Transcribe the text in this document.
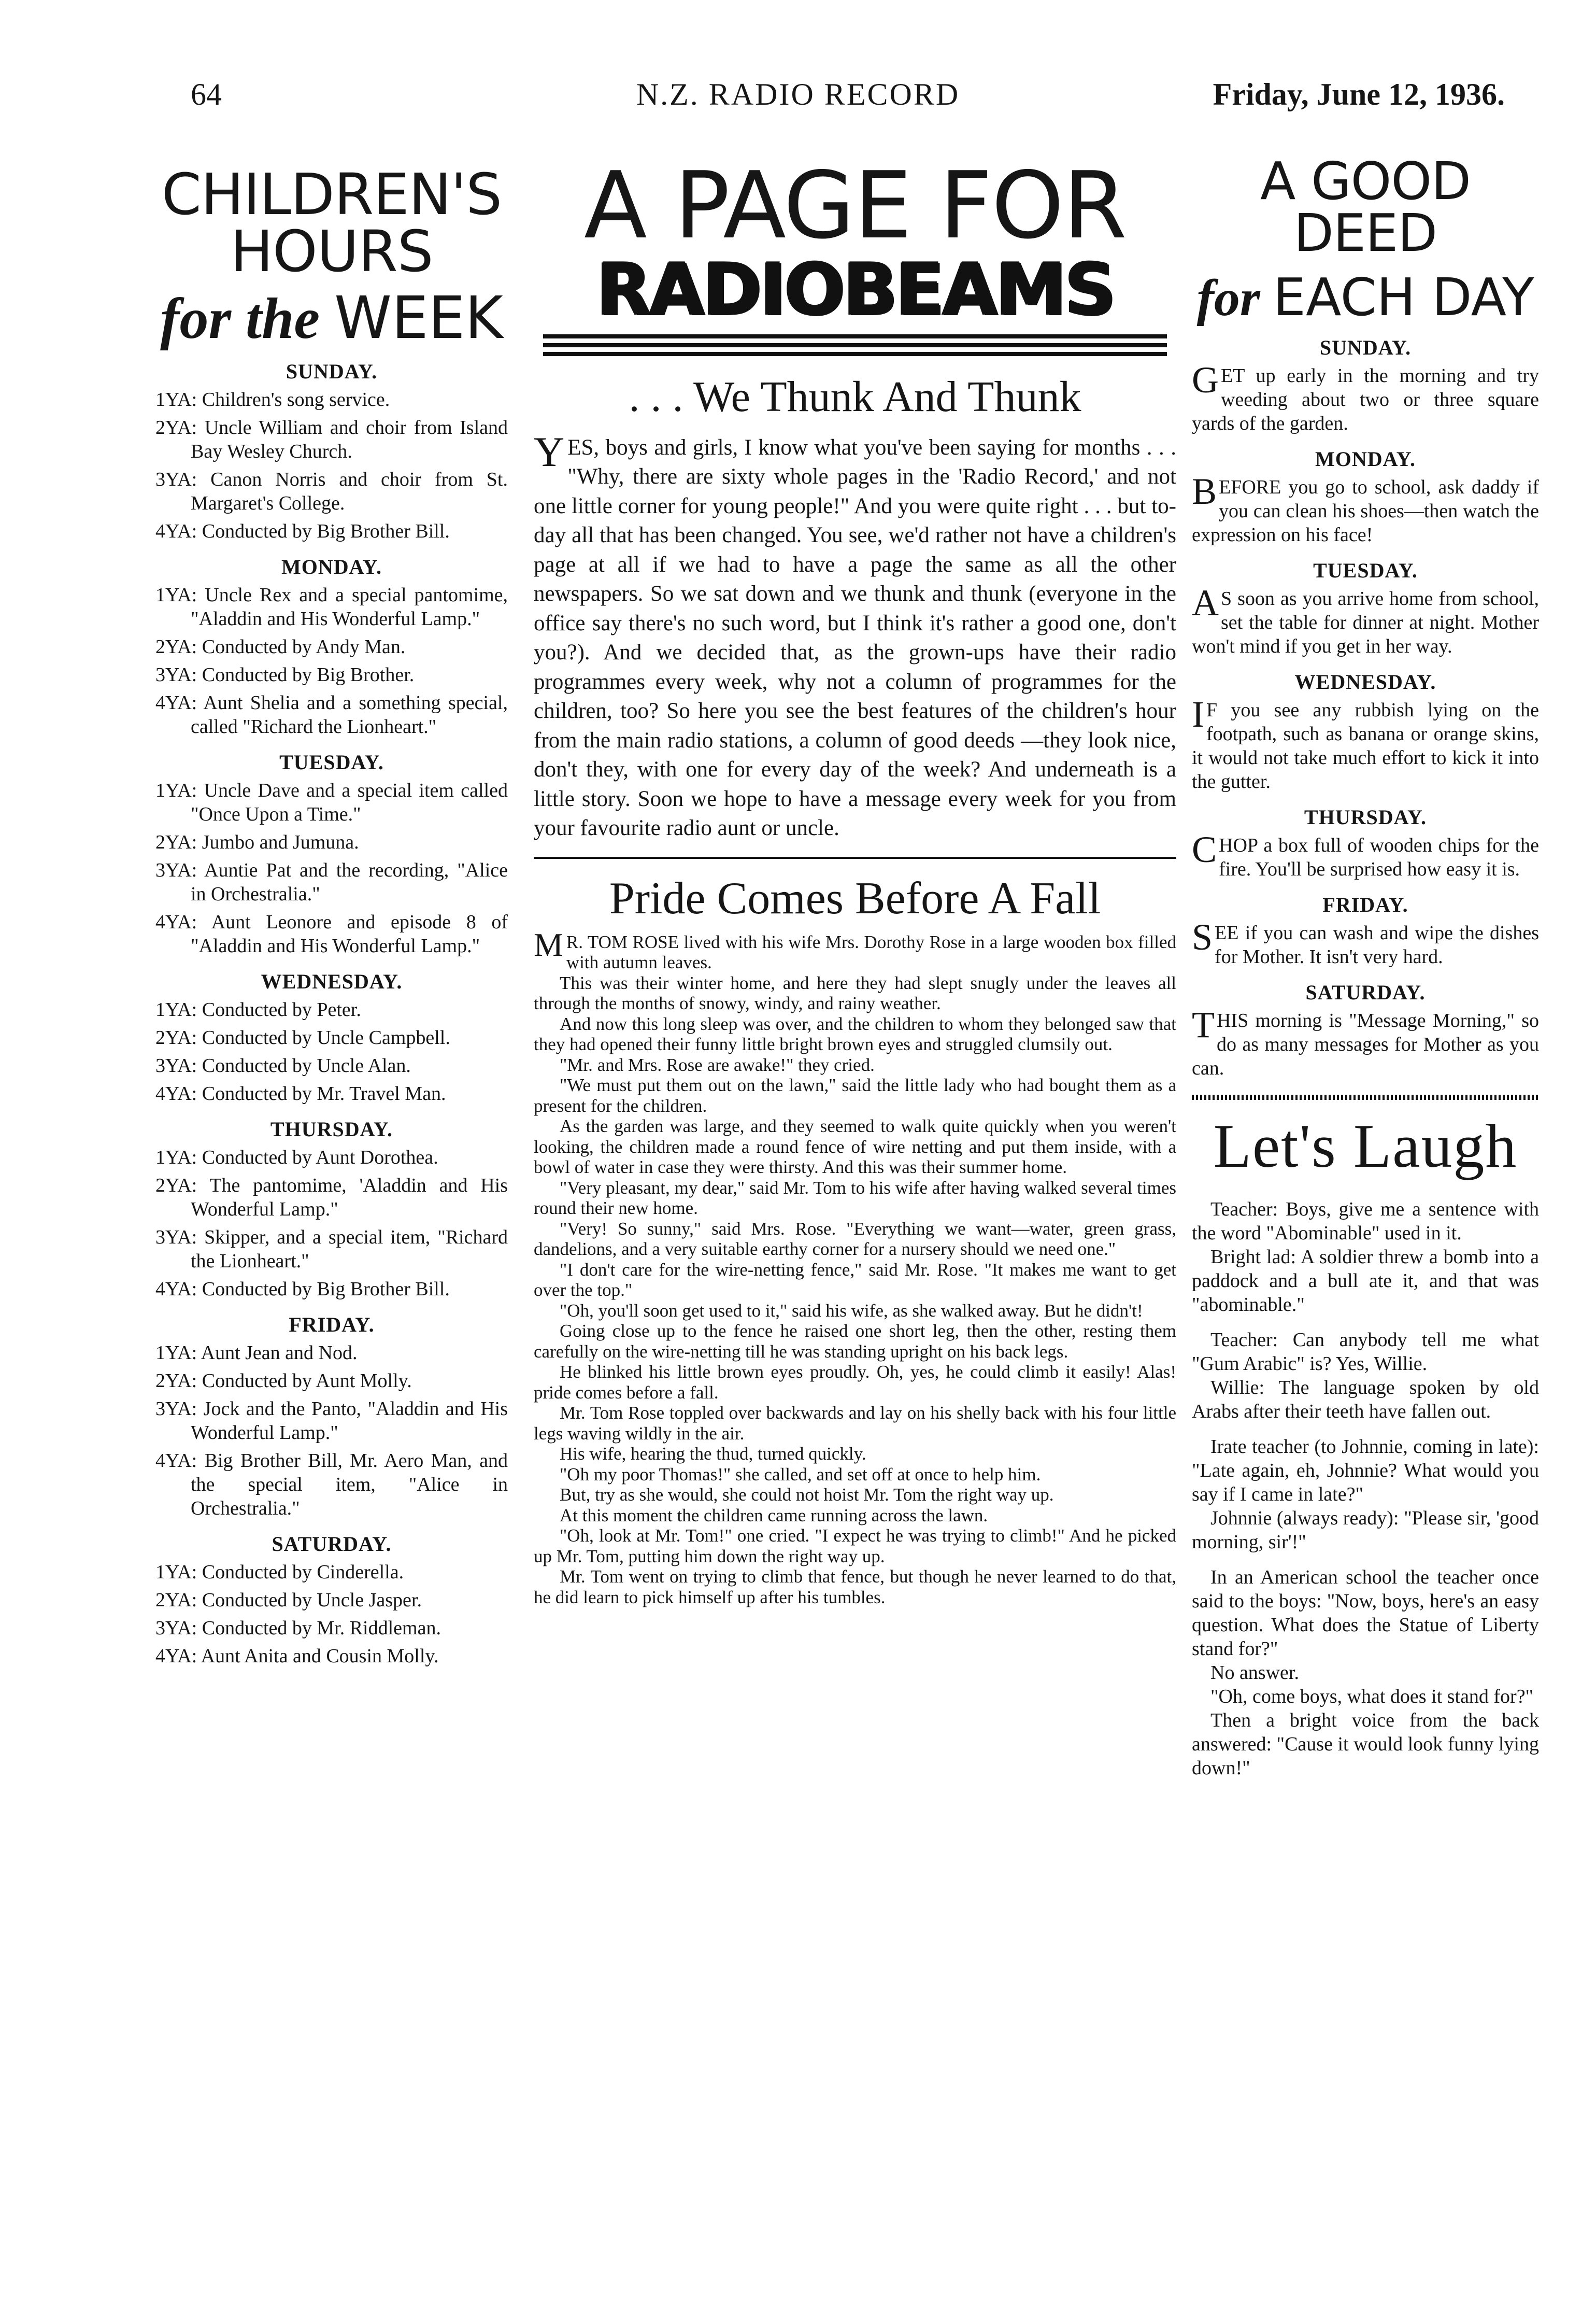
64	N.Z. RADIO RECORD	Friday, June 12, 1936.
CHILDREN'S HOURS
for the WEEK
SUNDAY.
1YA: Children's song service.
2YA: Uncle William and choir from Island Bay Wesley Church.
3YA: Canon Norris and choir from St. Margaret's College.
4YA: Conducted by Big Brother Bill.
MONDAY.
1YA: Uncle Rex and a special pantomime, "Aladdin and His Wonderful Lamp."
2YA: Conducted by Andy Man.
3YA: Conducted by Big Brother.
4YA: Aunt Shelia and a something special, called "Richard the Lionheart."
TUESDAY.
1YA: Uncle Dave and a special item called "Once Upon a Time."
2YA: Jumbo and Jumuna.
3YA: Auntie Pat and the recording, "Alice in Orchestralia."
4YA: Aunt Leonore and episode 8 of "Aladdin and His Wonderful Lamp."
WEDNESDAY.
1YA: Conducted by Peter.
2YA: Conducted by Uncle Campbell.
3YA: Conducted by Uncle Alan.
4YA: Conducted by Mr. Travel Man.
THURSDAY.
1YA: Conducted by Aunt Dorothea.
2YA: The pantomime, 'Aladdin and His Wonderful Lamp."
3YA: Skipper, and a special item, "Richard the Lionheart."
4YA: Conducted by Big Brother Bill.
FRIDAY.
1YA: Aunt Jean and Nod.
2YA: Conducted by Aunt Molly.
3YA: Jock and the Panto, "Aladdin and His Wonderful Lamp."
4YA: Big Brother Bill, Mr. Aero Man, and the special item, "Alice in Orchestralia."
SATURDAY.
1YA: Conducted by Cinderella.
2YA: Conducted by Uncle Jasper.
3YA: Conducted by Mr. Riddleman.
4YA: Aunt Anita and Cousin Molly.
A PAGE FOR
RADIOBEAMS
. . . We Thunk And Thunk

YES, boys and girls, I know what you've been saying for months . . . "Why, there are sixty whole pages in the 'Radio Record,' and not one little corner for young people!" And you were quite right . . . but to-day all that has been changed. You see, we'd rather not have a children's page at all if we had to have a page the same as all the other newspapers. So we sat down and we thunk and thunk (everyone in the office say there's no such word, but I think it's rather a good one, don't you?). And we decided that, as the grown-ups have their radio programmes every week, why not a column of programmes for the children, too? So here you see the best features of the children's hour from the main radio stations, a column of good deeds —they look nice, don't they, with one for every day of the week? And underneath is a little story. Soon we hope to have a message every week for you from your favourite radio aunt or uncle.

Pride Comes Before A Fall

M R. TOM ROSE lived with his wife Mrs. Dorothy Rose in a large wooden box filled with autumn leaves.

This was their winter home, and here they had slept snugly under the leaves all through the months of snowy, windy, and rainy weather.

And now this long sleep was over, and the children to whom they belonged saw that they had opened their funny little bright brown eyes and struggled clumsily out.

"Mr. and Mrs. Rose are awake!" they cried.

"We must put them out on the lawn," said the little lady who had bought them as a present for the children.

As the garden was large, and they seemed to walk quite quickly when you weren't looking, the children made a round fence of wire netting and put them inside, with a bowl of water in case they were thirsty. And this was their summer home.

"Very pleasant, my dear," said Mr. Tom to his wife after having walked several times round their new home.

"Very! So sunny," said Mrs. Rose. "Everything we want—water, green grass, dandelions, and a very suitable earthy corner for a nursery should we need one."

"I don't care for the wire-netting fence," said Mr. Rose. "It makes me want to get over the top."

"Oh, you'll soon get used to it," said his wife, as she walked away. But he didn't!

Going close up to the fence he raised one short leg, then the other, resting them carefully on the wire-netting till he was standing upright on his back legs.

He blinked his little brown eyes proudly. Oh, yes, he could climb it easily! Alas! pride comes before a fall.

Mr. Tom Rose toppled over backwards and lay on his shelly back with his four little legs waving wildly in the air.

His wife, hearing the thud, turned quickly.

"Oh my poor Thomas!" she called, and set off at once to help him.

But, try as she would, she could not hoist Mr. Tom the right way up.

At this moment the children came running across the lawn.

"Oh, look at Mr. Tom!" one cried. "I expect he was trying to climb!" And he picked up Mr. Tom, putting him down the right way up.

Mr. Tom went on trying to climb that fence, but though he never learned to do that, he did learn to pick himself up after his tumbles.

A GOOD DEED
for EACH DAY
SUNDAY.

GET up early in the morning and try weeding about two or three square yards of the garden.

MONDAY.

BEFORE you go to school, ask daddy if you can clean his shoes—then watch the expression on his face!

TUESDAY.

A S soon as you arrive home from school, set the table for dinner at night. Mother won't mind if you get in her way.

WEDNESDAY.

I F you see any rubbish lying on the footpath, such as banana or orange skins, it would not take much effort to kick it into the gutter.

THURSDAY.

CHOP a box full of wooden chips for the fire. You'll be surprised how easy it is.

FRIDAY.

SEE if you can wash and wipe the dishes for Mother. It isn't very hard.

SATURDAY.

THIS morning is "Message Morning," so do as many messages for Mother as you can.

Let's Laugh

Teacher: Boys, give me a sentence with the word "Abominable" used in it.
Bright lad: A soldier threw a bomb into a paddock and a bull ate it, and that was "abominable."

Teacher: Can anybody tell me what "Gum Arabic" is? Yes, Willie.
Willie: The language spoken by old Arabs after their teeth have fallen out.

Irate teacher (to Johnnie, coming in late): "Late again, eh, Johnnie? What would you say if I came in late?"
Johnnie (always ready): "Please sir, 'good morning, sir'!"

In an American school the teacher once said to the boys: "Now, boys, here's an easy question. What does the Statue of Liberty stand for?"
No answer.
"Oh, come boys, what does it stand for?"
Then a bright voice from the back answered: "Cause it would look funny lying down!"
